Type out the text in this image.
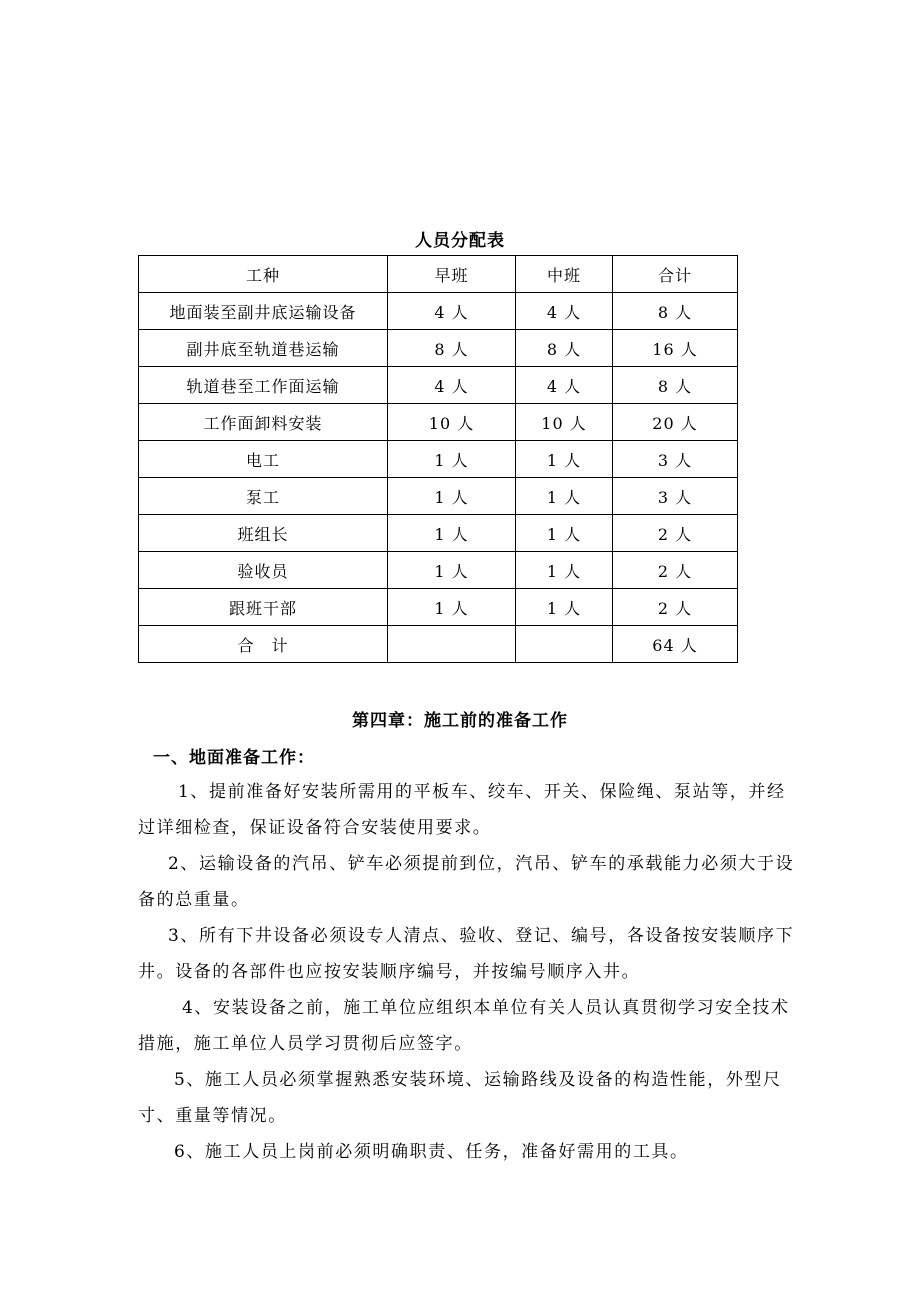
人员分配表
工种	早班	中班	合计
地面装至副井底运输设备	4 人	4 人	8 人
副井底至轨道巷运输	8 人	8 人	16 人
轨道巷至工作面运输	4 人	4 人	8 人
工作面卸料安装	10 人	10 人	20 人
电工	1 人	1 人	3 人
泵工	1 人	1 人	3 人
班组长	1 人	1 人	2 人
验收员	1 人	1 人	2 人
跟班干部	1 人	1 人	2 人
合　计			64 人
第四章：施工前的准备工作
一、地面准备工作：

1、提前准备好安装所需用的平板车、绞车、开关、保险绳、泵站等，并经过详细检查，保证设备符合安装使用要求。

2、运输设备的汽吊、铲车必须提前到位，汽吊、铲车的承载能力必须大于设备的总重量。

3、所有下井设备必须设专人清点、验收、登记、编号，各设备按安装顺序下井。设备的各部件也应按安装顺序编号，并按编号顺序入井。

4、安装设备之前，施工单位应组织本单位有关人员认真贯彻学习安全技术措施，施工单位人员学习贯彻后应签字。

5、施工人员必须掌握熟悉安装环境、运输路线及设备的构造性能，外型尺寸、重量等情况。

6、施工人员上岗前必须明确职责、任务，准备好需用的工具。
